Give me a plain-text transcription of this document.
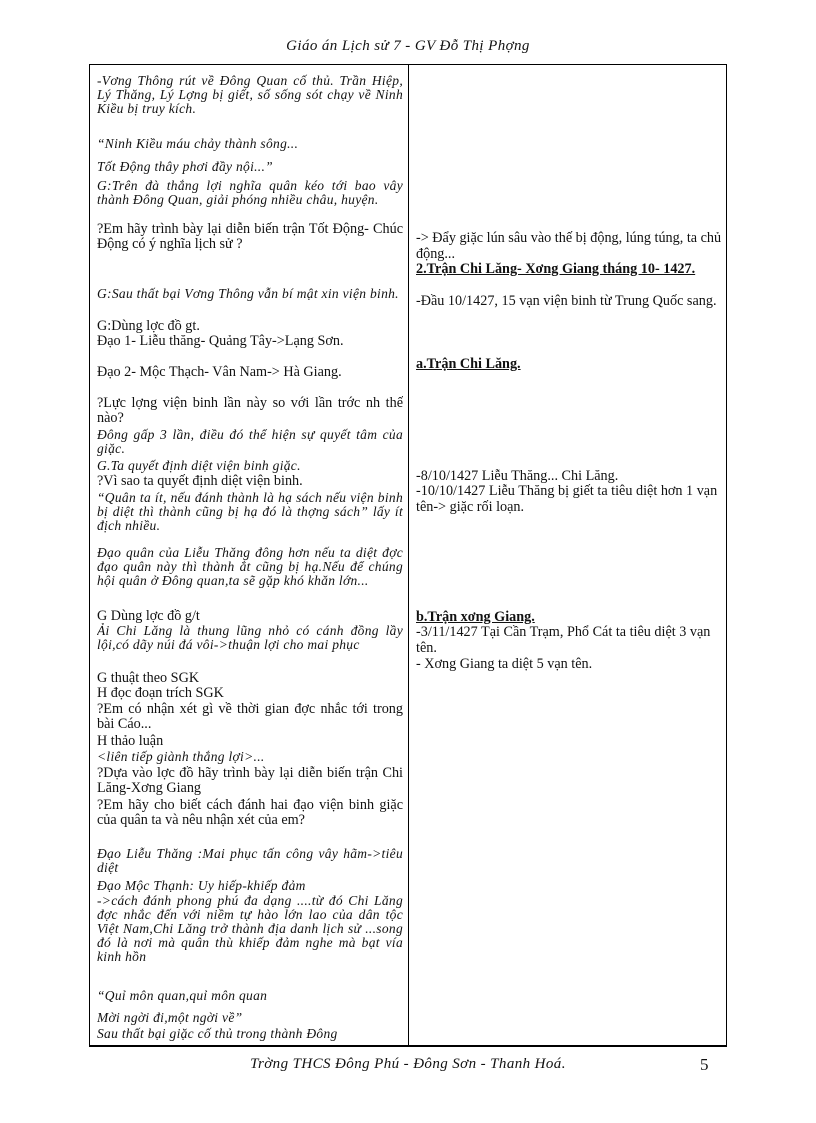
Giáo án Lịch sử 7 - GV Đỗ Thị Phợng

-Vơng Thông rút về Đông Quan cố thủ. Trần Hiệp, Lý Thăng, Lý Lợng bị giết, số sống sót chạy về Ninh Kiều bị truy kích.

“Ninh Kiều máu chảy thành sông...

Tốt Động thây phơi đầy nội...”

G:Trên đà thắng lợi nghĩa quân kéo tới bao vây thành Đông Quan, giải phóng nhiều châu, huyện.

?Em hãy trình bày lại diễn biến trận Tốt Động- Chúc Động có ý nghĩa lịch sử ?

G:Sau thất bại Vơng Thông vẫn bí mật xin viện binh.

G:Dùng lợc đồ gt.

Đạo 1- Liễu thăng- Quảng Tây->Lạng Sơn.

Đạo 2- Mộc Thạch- Vân Nam-> Hà Giang.

?Lực lợng viện binh lần này so với lần trớc nh thế nào?

Đông gấp 3 lần, điều đó thể hiện sự quyết tâm của giặc.

G.Ta quyết định diệt viện binh giặc.

?Vì sao ta quyết định diệt viện binh.

“Quân ta ít, nếu đánh thành là hạ sách nếu viện binh bị diệt thì thành cũng bị hạ đó là thợng sách” lấy ít địch nhiều.

Đạo quân của Liễu Thăng đông hơn nếu ta diệt đợc đạo quân này thì thành ắt cũng bị hạ.Nếu để chúng hội quân ở Đông quan,ta sẽ gặp khó khăn lớn...

G Dùng lợc đồ g/t

Ải Chi Lăng là thung lũng nhỏ có cánh đồng lầy lội,có dãy núi đá vôi->thuận lợi cho mai phục

G thuật theo SGK

H đọc đoạn trích SGK

?Em có nhận xét gì về thời gian đợc nhắc tới trong bài Cáo...

H thảo luận

<liên tiếp giành thắng lợi>...

?Dựa vào lợc đồ hãy trình bày lại diễn biến trận Chi Lăng-Xơng Giang

?Em hãy cho biết cách đánh hai đạo viện binh giặc của quân ta và nêu nhận xét của em?

Đạo Liễu Thăng :Mai phục tấn công vây hãm->tiêu diệt

Đạo Mộc Thạnh: Uy hiếp-khiếp đảm

->cách đánh phong phú đa dạng ....từ đó Chi Lăng đợc nhắc đến với niềm tự hào lớn lao của dân tộc Việt Nam,Chi Lăng trở thành địa danh lịch sử ...song đó là nơi mà quân thù khiếp đảm nghe mà bạt vía kinh hồn

“Quỉ môn quan,quỉ môn quan

Mời ngời đi,một ngời về”

Sau thất bại giặc cố thủ trong thành Đông

-> Đẩy giặc lún sâu vào thế bị động, lúng túng, ta chủ động...

2.Trận Chi Lăng- Xơng Giang tháng 10- 1427.

-Đầu 10/1427, 15 vạn viện binh từ Trung Quốc sang.

a.Trận Chi Lăng.

-8/10/1427 Liễu Thăng... Chi Lăng.

-10/10/1427 Liễu Thăng bị giết ta tiêu diệt hơn 1 vạn tên-> giặc rối loạn.

b.Trận xơng Giang.

-3/11/1427 Tại Cần Trạm, Phổ Cát ta tiêu diệt 3 vạn tên.

- Xơng Giang ta diệt 5 vạn tên.

Trờng THCS Đông Phú - Đông Sơn - Thanh Hoá.	5
